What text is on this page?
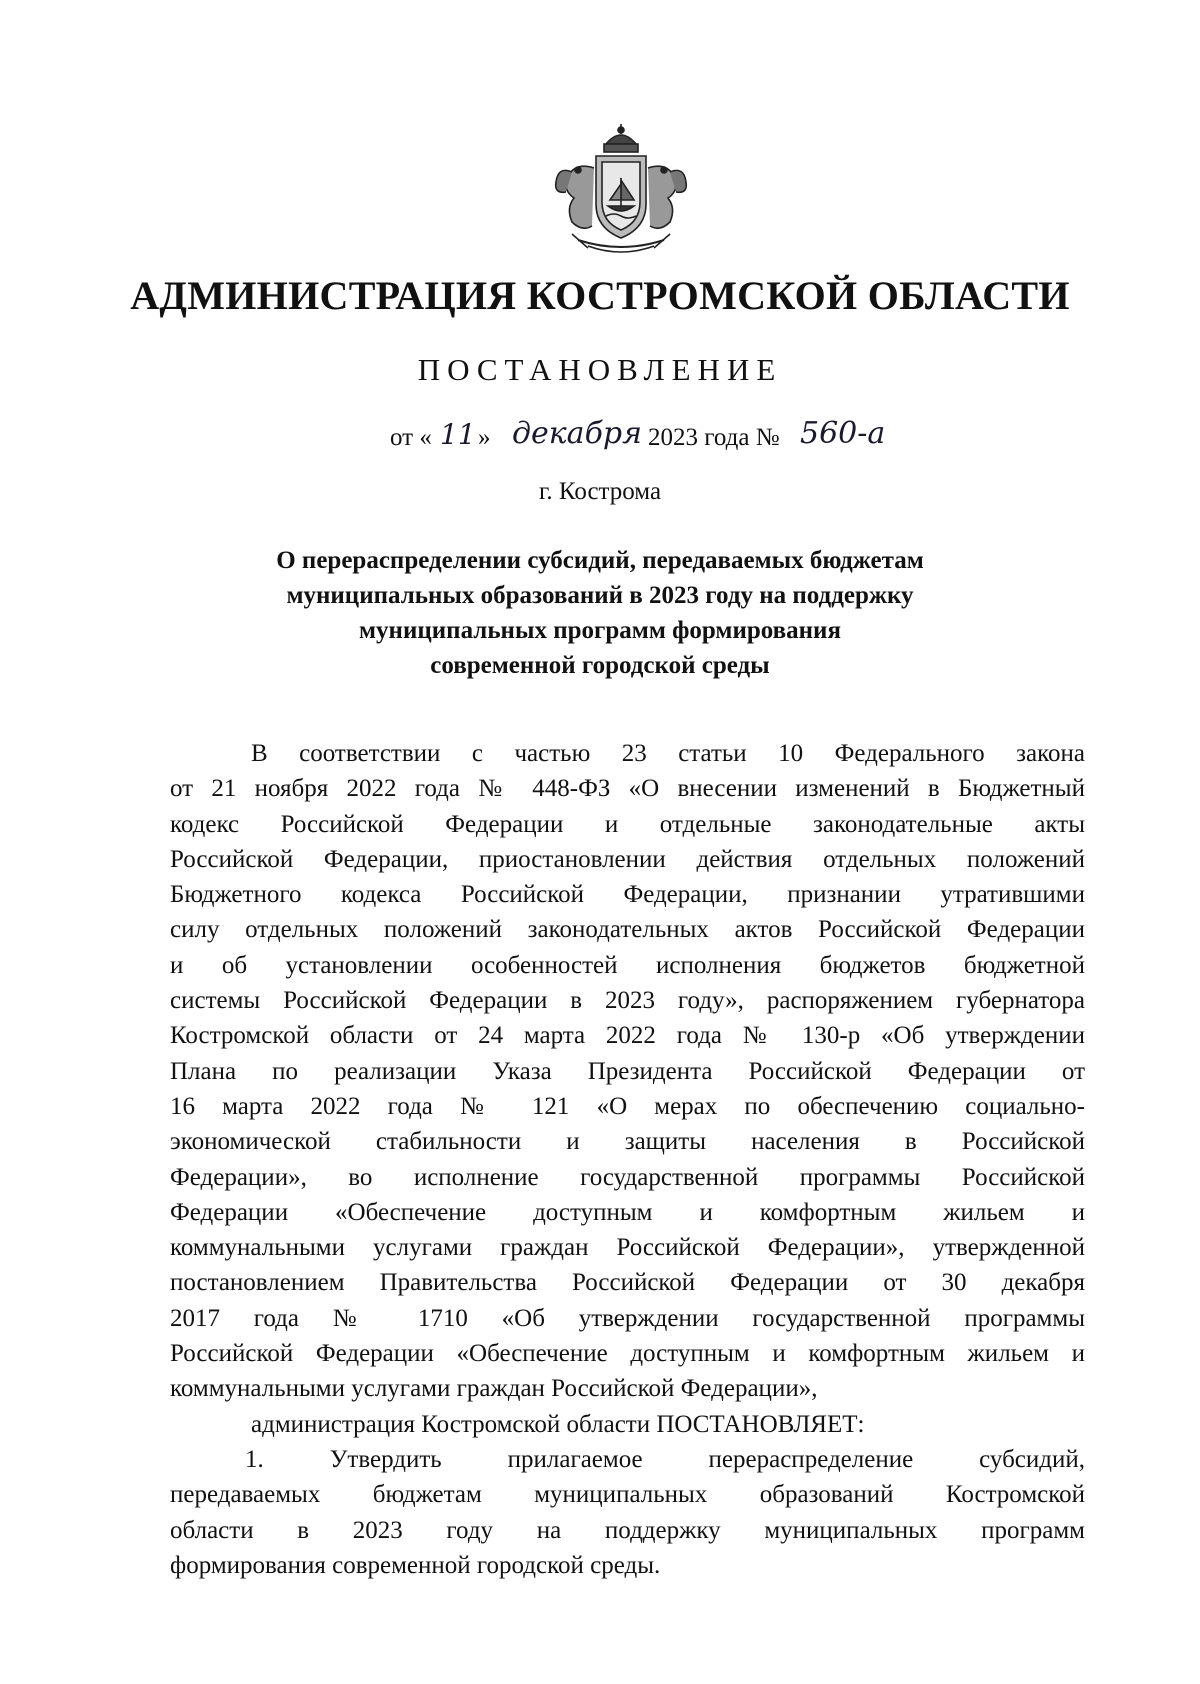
АДМИНИСТРАЦИЯ КОСТРОМСКОЙ ОБЛАСТИ
ПОСТАНОВЛЕНИЕ
от « 11 » декабря 2023 года № 560-а
г. Кострома
О перераспределении субсидий, передаваемых бюджетам
муниципальных образований в 2023 году на поддержку
муниципальных программ формирования
современной городской среды
В соответствии с частью 23 статьи 10 Федерального закона
от 21 ноября 2022 года № 448-ФЗ «О внесении изменений в Бюджетный
кодекс Российской Федерации и отдельные законодательные акты
Российской Федерации, приостановлении действия отдельных положений
Бюджетного кодекса Российской Федерации, признании утратившими
силу отдельных положений законодательных актов Российской Федерации
и об установлении особенностей исполнения бюджетов бюджетной
системы Российской Федерации в 2023 году», распоряжением губернатора
Костромской области от 24 марта 2022 года № 130-р «Об утверждении
Плана по реализации Указа Президента Российской Федерации от
16 марта 2022 года № 121 «О мерах по обеспечению социально-
экономической стабильности и защиты населения в Российской
Федерации», во исполнение государственной программы Российской
Федерации «Обеспечение доступным и комфортным жильем и
коммунальными услугами граждан Российской Федерации», утвержденной
постановлением Правительства Российской Федерации от 30 декабря
2017 года № 1710 «Об утверждении государственной программы
Российской Федерации «Обеспечение доступным и комфортным жильем и
коммунальными услугами граждан Российской Федерации»,
администрация Костромской области ПОСТАНОВЛЯЕТ:
1. Утвердить прилагаемое перераспределение субсидий,
передаваемых бюджетам муниципальных образований Костромской
области в 2023 году на поддержку муниципальных программ
формирования современной городской среды.
